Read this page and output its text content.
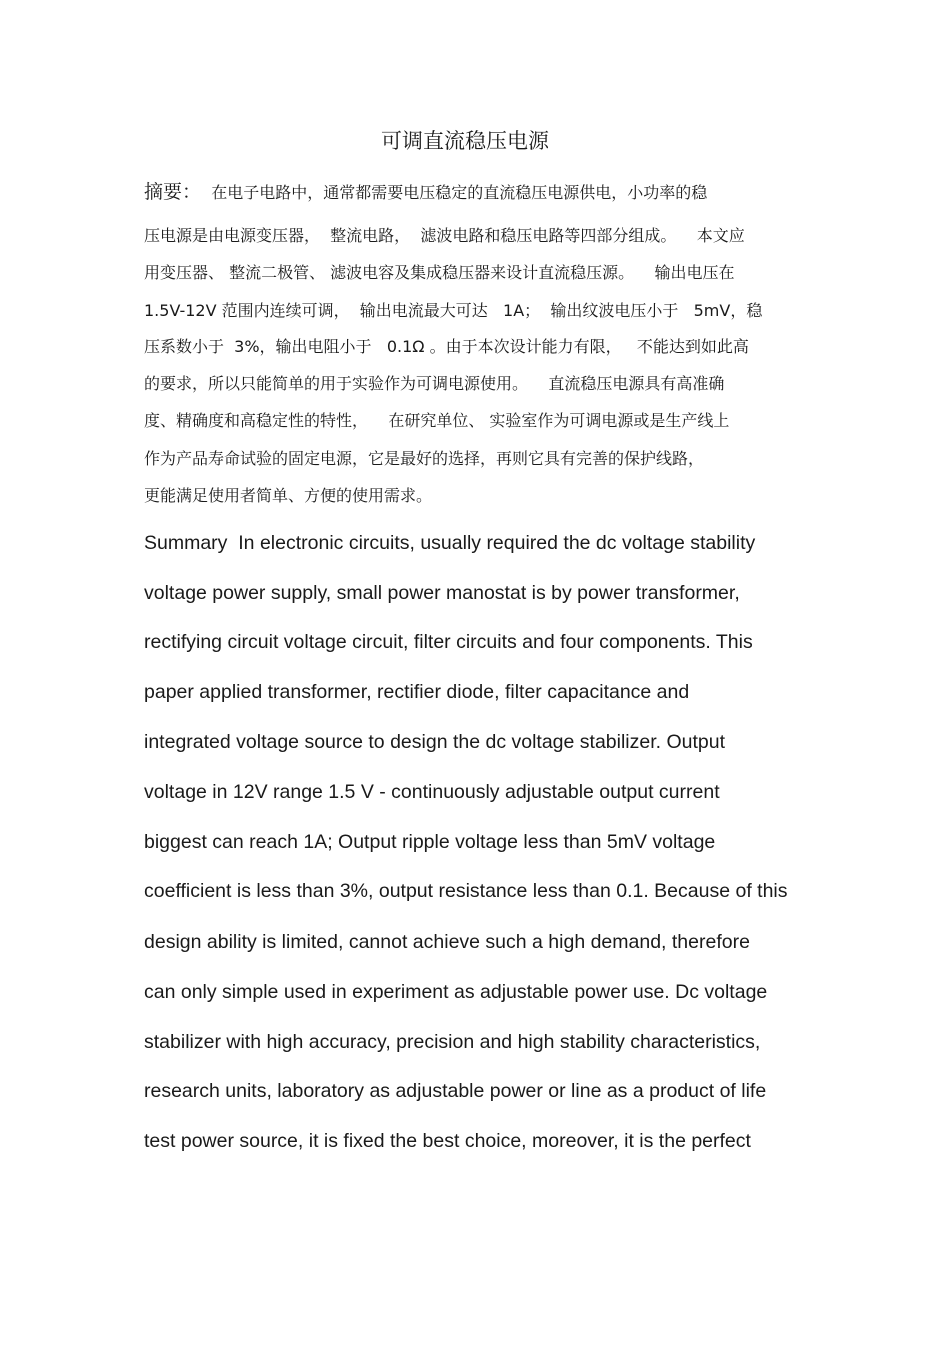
可调直流稳压电源
摘要： 在电子电路中，通常都需要电压稳定的直流稳压电源供电，小功率的稳
压电源是由电源变压器，  整流电路，  滤波电路和稳压电路等四部分组成。    本文应
用变压器、 整流二极管、 滤波电容及集成稳压器来设计直流稳压源。    输出电压在
1.5V-12V 范围内连续可调，  输出电流最大可达   1A；  输出纹波电压小于   5mV，稳
压系数小于  3%，输出电阻小于   0.1Ω 。由于本次设计能力有限，   不能达到如此高
的要求，所以只能简单的用于实验作为可调电源使用。    直流稳压电源具有高准确
度、精确度和高稳定性的特性，    在研究单位、 实验室作为可调电源或是生产线上
作为产品寿命试验的固定电源，它是最好的选择，再则它具有完善的保护线路，
更能满足使用者简单、方便的使用需求。
Summary  In electronic circuits, usually required the dc voltage stability
voltage power supply, small power manostat is by power transformer,
rectifying circuit voltage circuit, filter circuits and four components. This
paper applied transformer, rectifier diode, filter capacitance and
integrated voltage source to design the dc voltage stabilizer. Output
voltage in 12V range 1.5 V - continuously adjustable output current
biggest can reach 1A; Output ripple voltage less than 5mV voltage
coefficient is less than 3%, output resistance less than 0.1. Because of this
design ability is limited, cannot achieve such a high demand, therefore
can only simple used in experiment as adjustable power use. Dc voltage
stabilizer with high accuracy, precision and high stability characteristics,
research units, laboratory as adjustable power or line as a product of life
test power source, it is fixed the best choice, moreover, it is the perfect
